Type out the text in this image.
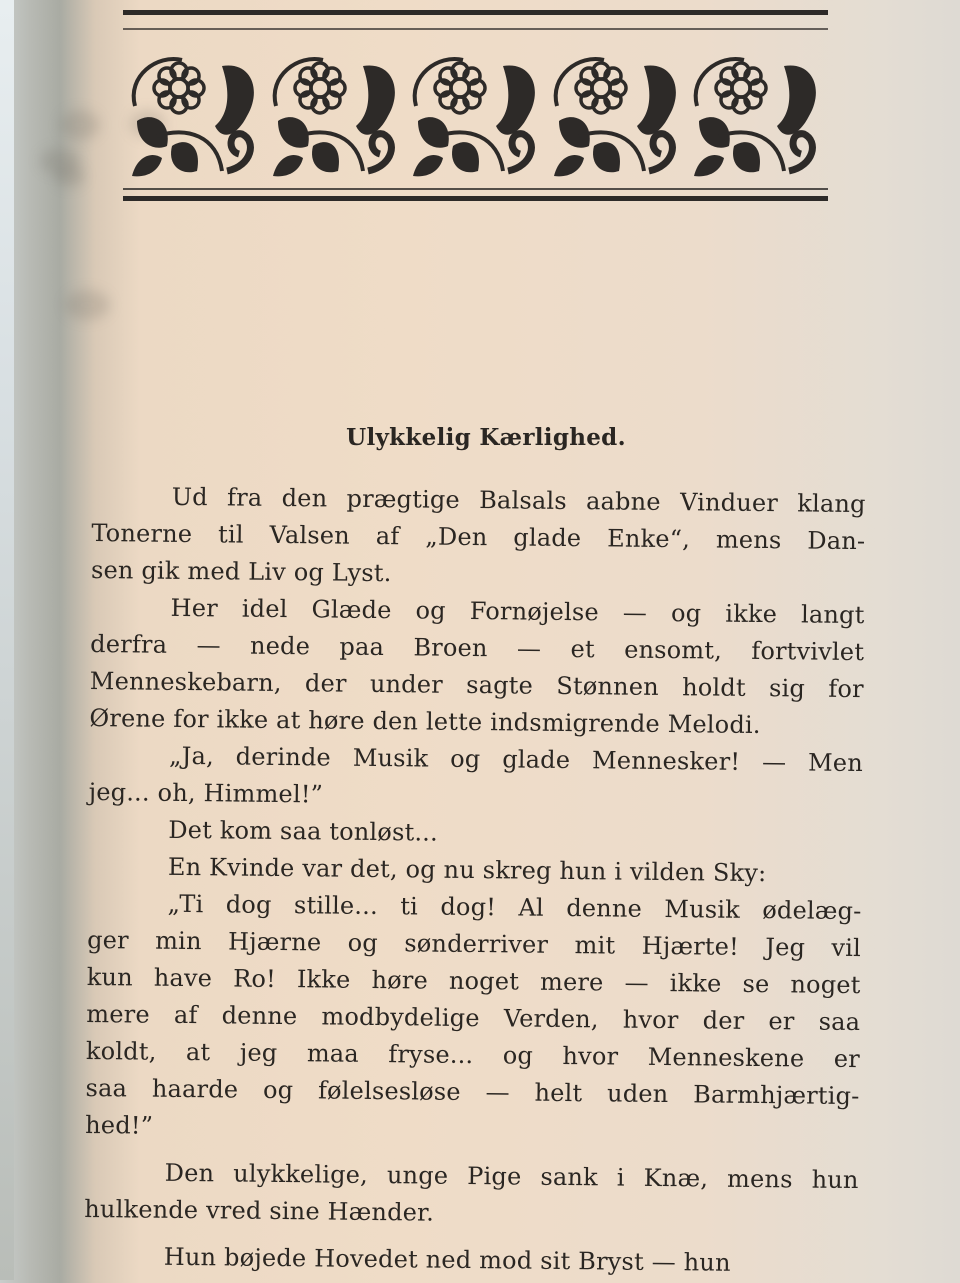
Ulykkelig Kærlighed.
Ud fra den prægtige Balsals aabne Vinduer klang
Tonerne til Valsen af „Den glade Enke“, mens Dan-
sen gik med Liv og Lyst.
Her idel Glæde og Fornøjelse — og ikke langt
derfra — nede paa Broen — et ensomt, fortvivlet
Menneskebarn, der under sagte Stønnen holdt sig for
Ørene for ikke at høre den lette indsmigrende Melodi.
„Ja, derinde Musik og glade Mennesker! — Men
jeg... oh, Himmel!”
Det kom saa tonløst...
En Kvinde var det, og nu skreg hun i vilden Sky:
„Ti dog stille... ti dog! Al denne Musik ødelæg-
ger min Hjærne og sønderriver mit Hjærte! Jeg vil
kun have Ro! Ikke høre noget mere — ikke se noget
mere af denne modbydelige Verden, hvor der er saa
koldt, at jeg maa fryse... og hvor Menneskene er
saa haarde og følelsesløse — helt uden Barmhjærtig-
hed!”
Den ulykkelige, unge Pige sank i Knæ, mens hun
hulkende vred sine Hænder.
Hun bøjede Hovedet ned mod sit Bryst — hun
